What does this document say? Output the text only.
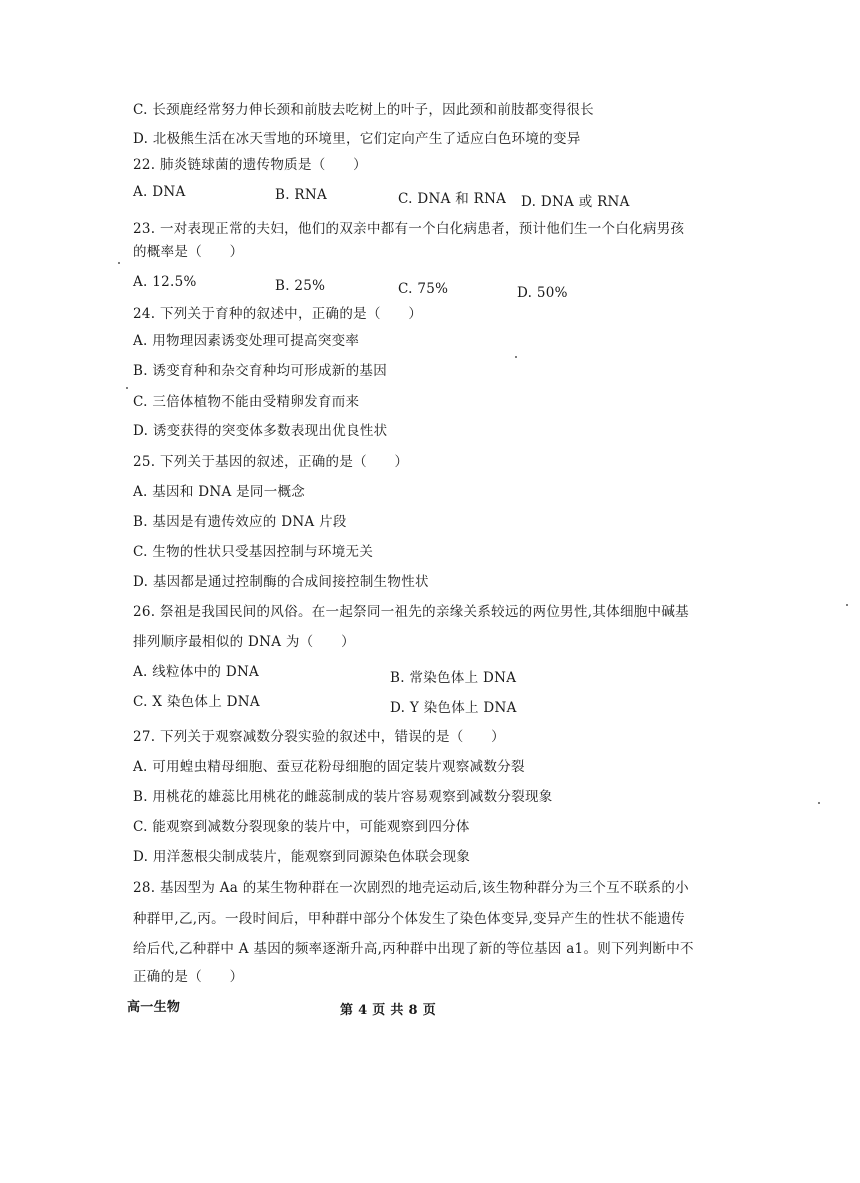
C. 长颈鹿经常努力伸长颈和前肢去吃树上的叶子，因此颈和前肢都变得很长
D. 北极熊生活在冰天雪地的环境里，它们定向产生了适应白色环境的变异
22. 肺炎链球菌的遗传物质是（　　）
A. DNA	B. RNA	C. DNA 和 RNA D. DNA 或 RNA
23. 一对表现正常的夫妇，他们的双亲中都有一个白化病患者，预计他们生一个白化病男孩
的概率是（　　）
A. 12.5%	B. 25%	C. 75%	D. 50%
24. 下列关于育种的叙述中，正确的是（　　）
A. 用物理因素诱变处理可提高突变率
B. 诱变育种和杂交育种均可形成新的基因
C. 三倍体植物不能由受精卵发育而来
D. 诱变获得的突变体多数表现出优良性状
25. 下列关于基因的叙述，正确的是（　　）
A. 基因和 DNA 是同一概念
B. 基因是有遗传效应的 DNA 片段
C. 生物的性状只受基因控制与环境无关
D. 基因都是通过控制酶的合成间接控制生物性状
26. 祭祖是我国民间的风俗。在一起祭同一祖先的亲缘关系较远的两位男性,其体细胞中碱基
排列顺序最相似的 DNA 为（　　）
A. 线粒体中的 DNA	B. 常染色体上 DNA
C. X 染色体上 DNA	D. Y 染色体上 DNA
27. 下列关于观察减数分裂实验的叙述中，错误的是（　　）
A. 可用蝗虫精母细胞、蚕豆花粉母细胞的固定装片观察减数分裂
B. 用桃花的雄蕊比用桃花的雌蕊制成的装片容易观察到减数分裂现象
C. 能观察到减数分裂现象的装片中，可能观察到四分体
D. 用洋葱根尖制成装片，能观察到同源染色体联会现象
28. 基因型为 Aa 的某生物种群在一次剧烈的地壳运动后,该生物种群分为三个互不联系的小
种群甲,乙,丙。一段时间后，甲种群中部分个体发生了染色体变异,变异产生的性状不能遗传
给后代,乙种群中 A 基因的频率逐渐升高,丙种群中出现了新的等位基因 a1。则下列判断中不
正确的是（　　）
高一生物	第 4 页 共 8 页
